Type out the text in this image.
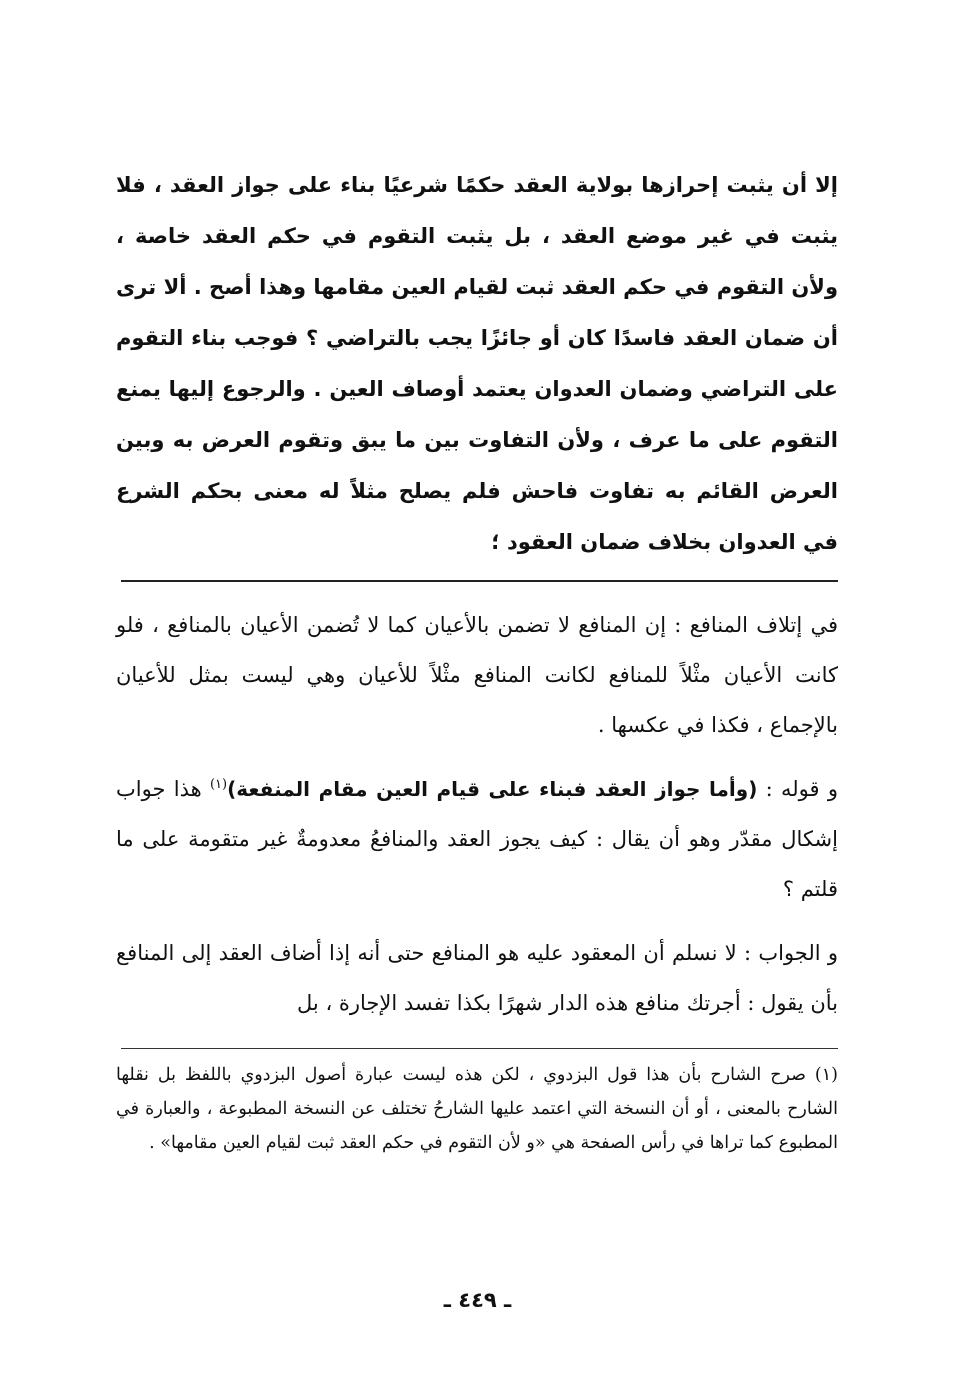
إلا أن يثبت إحرازها بولاية العقد حكمًا شرعيًا بناء على جواز العقد ، فلا يثبت في غير موضع العقد ، بل يثبت التقوم في حكم العقد خاصة ، ولأن التقوم في حكم العقد ثبت لقيام العين مقامها وهذا أصح . ألا ترى أن ضمان العقد فاسدًا كان أو جائزًا يجب بالتراضي ؟ فوجب بناء التقوم على التراضي وضمان العدوان يعتمد أوصاف العين . والرجوع إليها يمنع التقوم على ما عرف ، ولأن التفاوت بين ما يبق وتقوم العرض به وبين العرض القائم به تفاوت فاحش فلم يصلح مثلاً له معنى بحكم الشرع في العدوان بخلاف ضمان العقود ؛

في إتلاف المنافع : إن المنافع لا تضمن بالأعيان كما لا تُضمن الأعيان بالمنافع ، فلو كانت الأعيان مثْلاً للمنافع لكانت المنافع مثْلاً للأعيان وهي ليست بمثل للأعيان بالإجماع ، فكذا في عكسها .

و قوله : (وأما جواز العقد فبناء على قيام العين مقام المنفعة)$^{(١)}$ هذا جواب إشكال مقدّر وهو أن يقال : كيف يجوز العقد والمنافعُ معدومةٌ غير متقومة على ما قلتم ؟

و الجواب : لا نسلم أن المعقود عليه هو المنافع حتى أنه إذا أضاف العقد إلى المنافع بأن يقول : أجرتك منافع هذه الدار شهرًا بكذا تفسد الإجارة ، بل

(١) صرح الشارح بأن هذا قول البزدوي ، لكن هذه ليست عبارة أصول البزدوي باللفظ بل نقلها الشارح بالمعنى ، أو أن النسخة التي اعتمد عليها الشارحُ تختلف عن النسخة المطبوعة ، والعبارة في المطبوع كما تراها في رأس الصفحة هي «و لأن التقوم في حكم العقد ثبت لقيام العين مقامها» .

ـ ٤٤٩ ـ
